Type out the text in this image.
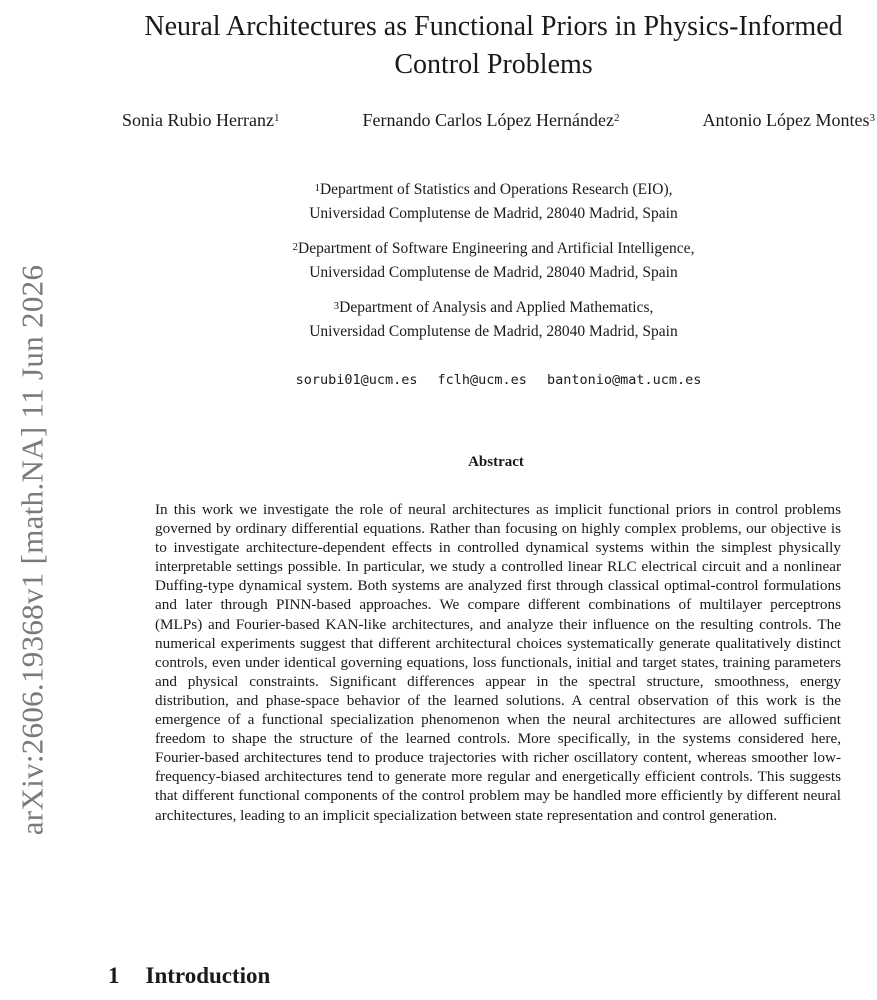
arXiv:2606.19368v1 [math.NA] 11 Jun 2026
Neural Architectures as Functional Priors in Physics-Informed
Control Problems
Sonia Rubio Herranz$^1$	Fernando Carlos López Hernández$^2$	Antonio López Montes$^3$
$^1$Department of Statistics and Operations Research (EIO),
Universidad Complutense de Madrid, 28040 Madrid, Spain
$^2$Department of Software Engineering and Artificial Intelligence,
Universidad Complutense de Madrid, 28040 Madrid, Spain
$^3$Department of Analysis and Applied Mathematics,
Universidad Complutense de Madrid, 28040 Madrid, Spain
sorubi01@ucm.es fclh@ucm.es bantonio@mat.ucm.es
Abstract
In this work we investigate the role of neural architectures as implicit functional priors in control problems governed by ordinary differential equations. Rather than focusing on highly complex problems, our objective is to investigate architecture-dependent effects in controlled dynamical systems within the simplest physically interpretable settings possible. In particular, we study a controlled linear RLC electrical circuit and a nonlinear Duffing-type dynamical system. Both systems are analyzed first through classical optimal-control formulations and later through PINN-based approaches. We compare different combinations of multilayer perceptrons (MLPs) and Fourier-based KAN-like architectures, and analyze their influence on the resulting controls. The numerical experiments suggest that different architectural choices systematically generate qualitatively distinct controls, even under identical governing equations, loss functionals, initial and target states, training parameters and physical constraints. Significant differences appear in the spectral structure, smoothness, energy distribution, and phase-space behavior of the learned solutions. A central observation of this work is the emergence of a functional specialization phenomenon when the neural architectures are allowed sufficient freedom to shape the structure of the learned controls. More specifically, in the systems considered here, Fourier-based architectures tend to produce trajectories with richer oscillatory content, whereas smoother low-frequency-biased architectures tend to generate more regular and energetically efficient controls. This suggests that different functional components of the control problem may be handled more efficiently by different neural architectures, leading to an implicit specialization between state representation and control generation.
1 Introduction
